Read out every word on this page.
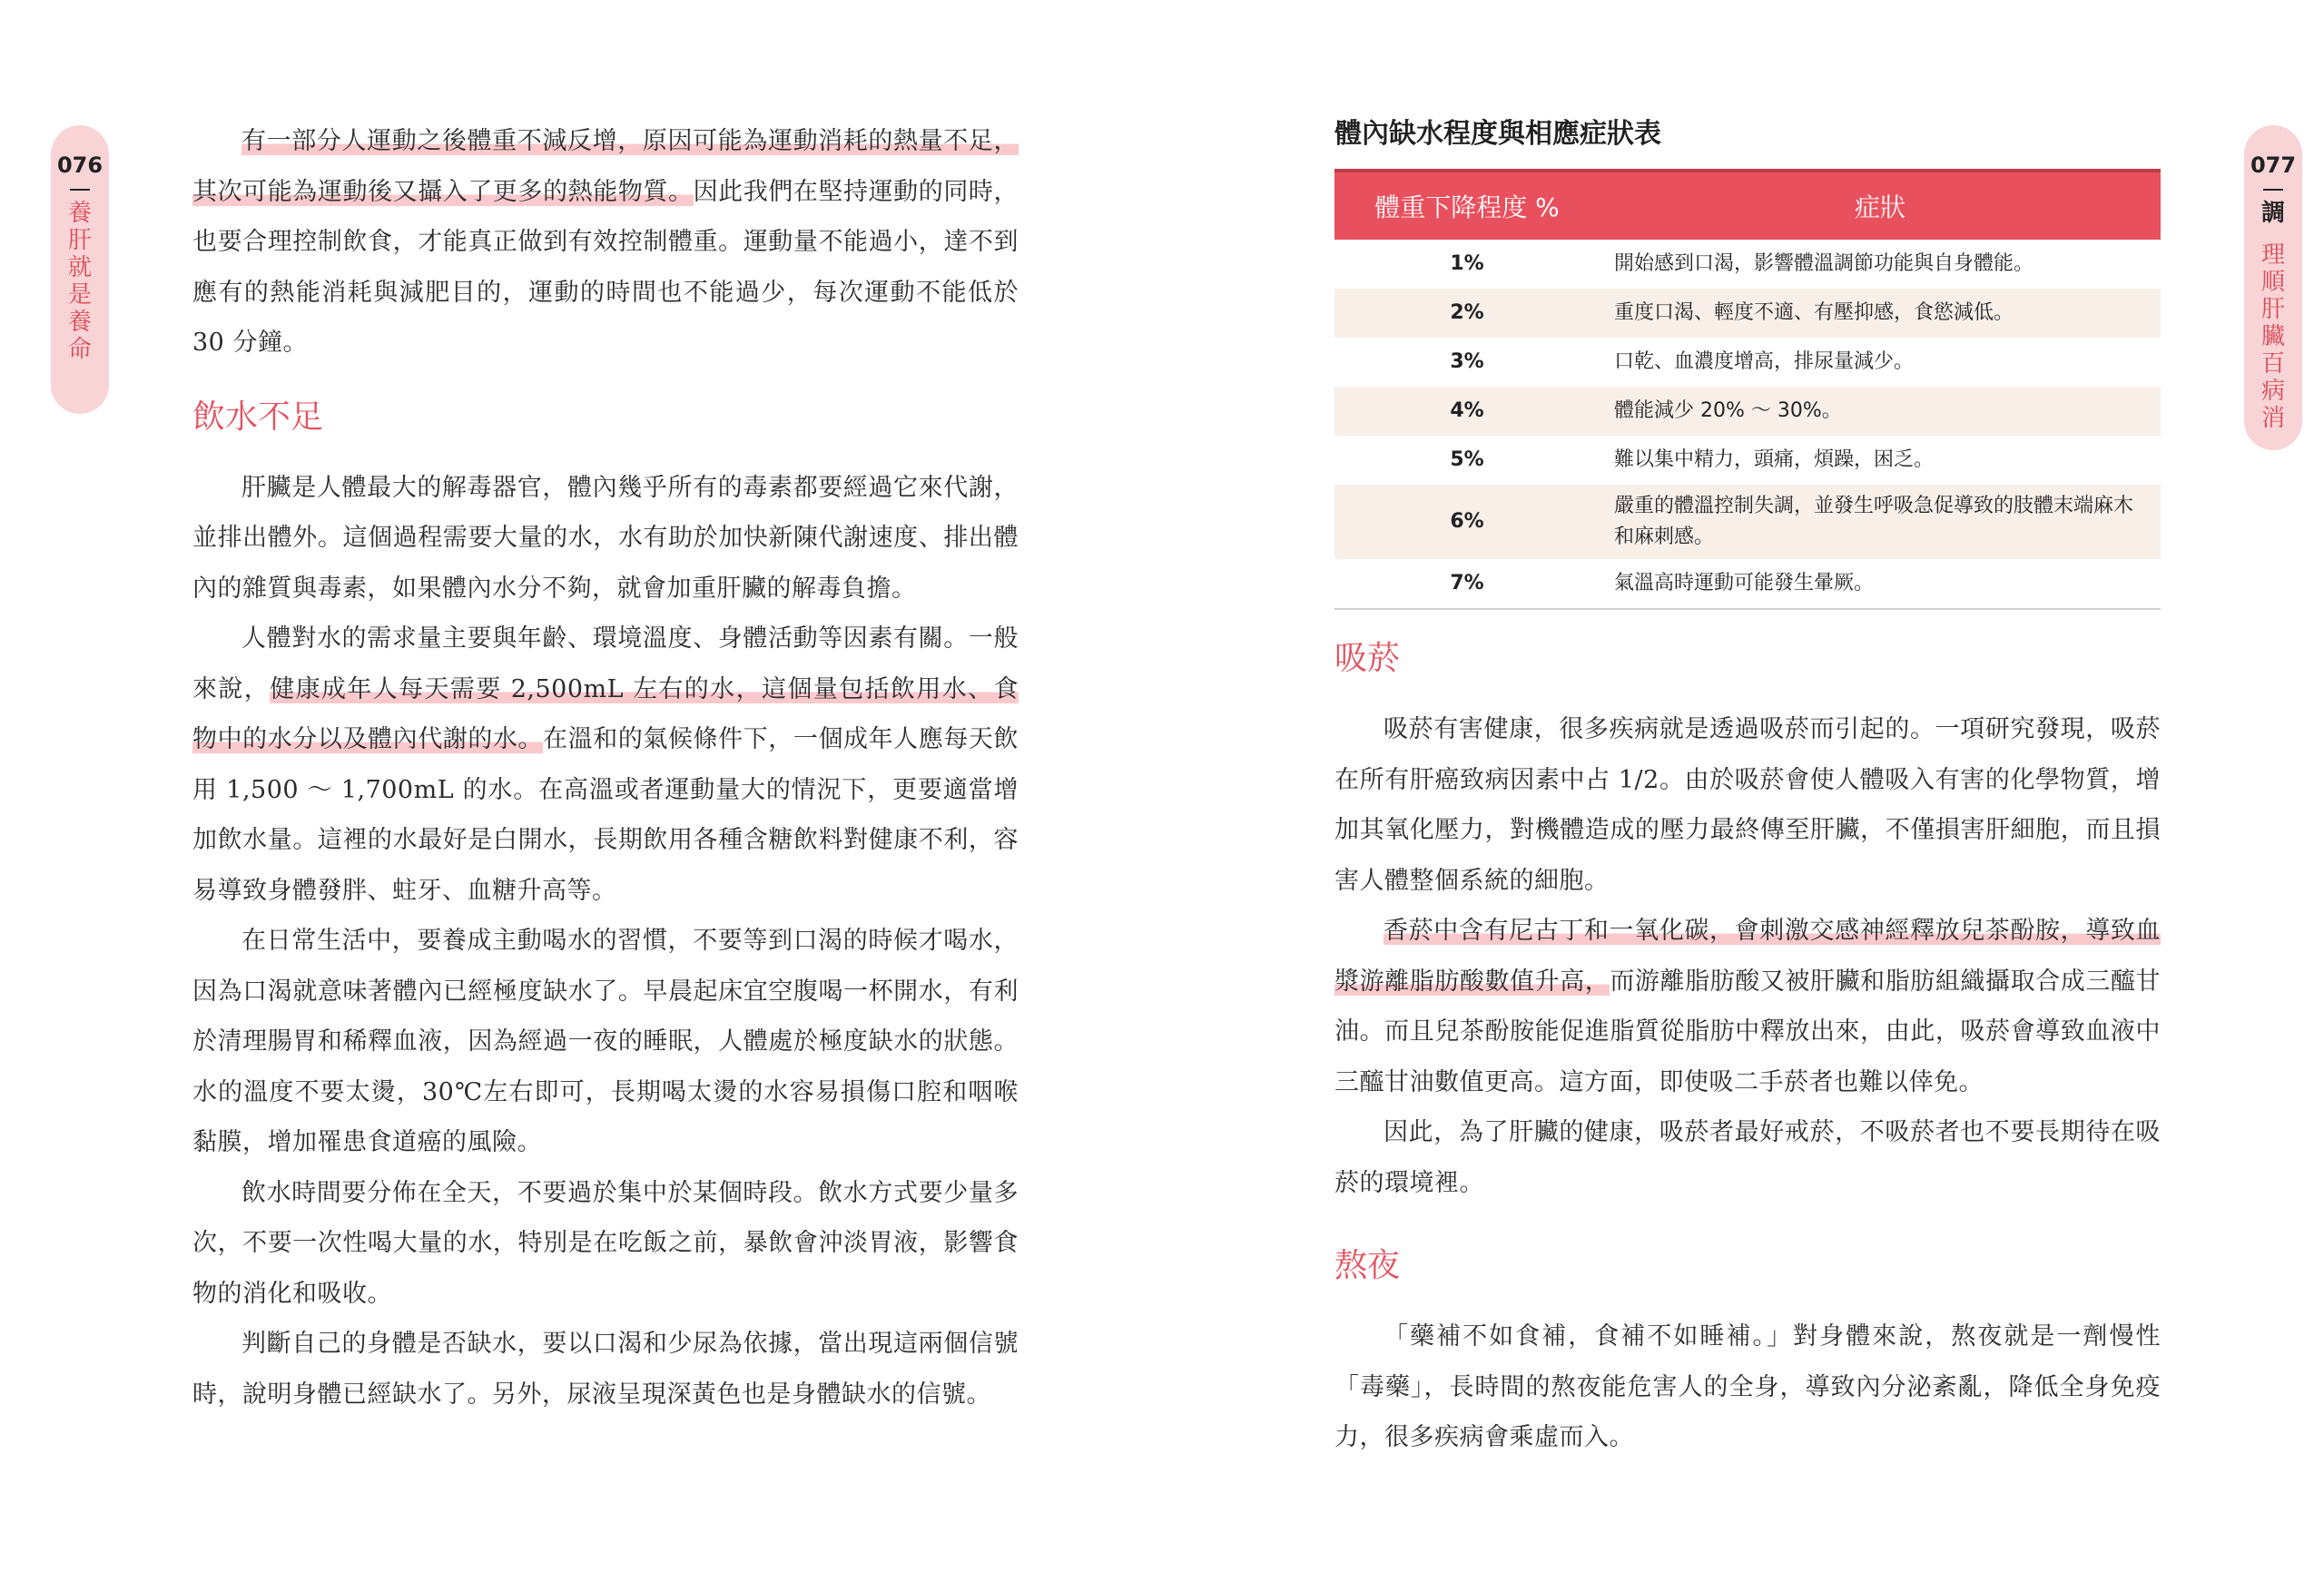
076
養肝就是養命

有一部分人運動之後體重不減反增，原因可能為運動消耗的熱量不足，其次可能為運動後又攝入了更多的熱能物質。因此我們在堅持運動的同時，也要合理控制飲食，才能真正做到有效控制體重。運動量不能過小，達不到應有的熱能消耗與減肥目的，運動的時間也不能過少，每次運動不能低於 30 分鐘。

飲水不足

肝臟是人體最大的解毒器官，體內幾乎所有的毒素都要經過它來代謝，並排出體外。這個過程需要大量的水，水有助於加快新陳代謝速度、排出體內的雜質與毒素，如果體內水分不夠，就會加重肝臟的解毒負擔。

人體對水的需求量主要與年齡、環境溫度、身體活動等因素有關。一般來說，健康成年人每天需要 2,500mL 左右的水，這個量包括飲用水、食物中的水分以及體內代謝的水。在溫和的氣候條件下，一個成年人應每天飲用 1,500 ～ 1,700mL 的水。在高溫或者運動量大的情況下，更要適當增加飲水量。這裡的水最好是白開水，長期飲用各種含糖飲料對健康不利，容易導致身體發胖、蛀牙、血糖升高等。

在日常生活中，要養成主動喝水的習慣，不要等到口渴的時候才喝水，因為口渴就意味著體內已經極度缺水了。早晨起床宜空腹喝一杯開水，有利於清理腸胃和稀釋血液，因為經過一夜的睡眠，人體處於極度缺水的狀態。水的溫度不要太燙，30℃左右即可，長期喝太燙的水容易損傷口腔和咽喉黏膜，增加罹患食道癌的風險。

飲水時間要分佈在全天，不要過於集中於某個時段。飲水方式要少量多次，不要一次性喝大量的水，特別是在吃飯之前，暴飲會沖淡胃液，影響食物的消化和吸收。

判斷自己的身體是否缺水，要以口渴和少尿為依據，當出現這兩個信號時，說明身體已經缺水了。另外，尿液呈現深黃色也是身體缺水的信號。

077
調
理順肝臟百病消
體內缺水程度與相應症狀表
體重下降程度 %	症狀
1%	開始感到口渴，影響體溫調節功能與自身體能。
2%	重度口渴、輕度不適、有壓抑感，食慾減低。
3%	口乾、血濃度增高，排尿量減少。
4%	體能減少 20% ～ 30%。
5%	難以集中精力，頭痛，煩躁，困乏。
6%	嚴重的體溫控制失調，並發生呼吸急促導致的肢體末端麻木和麻刺感。
7%	氣溫高時運動可能發生暈厥。
吸菸

吸菸有害健康，很多疾病就是透過吸菸而引起的。一項研究發現，吸菸在所有肝癌致病因素中占 1/2。由於吸菸會使人體吸入有害的化學物質，增加其氧化壓力，對機體造成的壓力最終傳至肝臟，不僅損害肝細胞，而且損害人體整個系統的細胞。

香菸中含有尼古丁和一氧化碳，會刺激交感神經釋放兒茶酚胺，導致血漿游離脂肪酸數值升高，而游離脂肪酸又被肝臟和脂肪組織攝取合成三醯甘油。而且兒茶酚胺能促進脂質從脂肪中釋放出來，由此，吸菸會導致血液中三醯甘油數值更高。這方面，即使吸二手菸者也難以倖免。

因此，為了肝臟的健康，吸菸者最好戒菸，不吸菸者也不要長期待在吸菸的環境裡。

熬夜

「藥補不如食補，食補不如睡補。」對身體來說，熬夜就是一劑慢性「毒藥」，長時間的熬夜能危害人的全身，導致內分泌紊亂，降低全身免疫力，很多疾病會乘虛而入。
